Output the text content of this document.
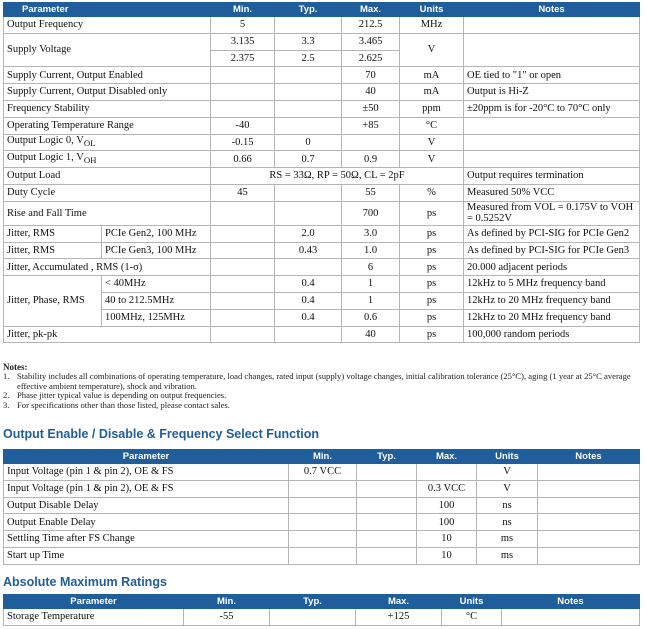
Parameter		Min.	Typ.	Max.	Units	Notes
Output Frequency		5		212.5	MHz	
Supply Voltage		3.135	3.3	3.465	V	
		2.375	2.5	2.625		
Supply Current, Output Enabled				70	mA	OE tied to "1" or open
Supply Current, Output Disabled only				40	mA	Output is Hi-Z
Frequency Stability				±50	ppm	±20ppm is for -20°C to 70°C only
Operating Temperature Range		-40		+85	°C	
Output Logic 0, $V_{OL}$		-0.15	0		V	
Output Logic 1, $V_{OH}$		0.66	0.7	0.9	V	
Output Load		RS = 33Ω, RP = 50Ω, CL = 2pF				Output requires termination
Duty Cycle		45		55	%	Measured 50% VCC
Rise and Fall Time				700	ps	Measured from VOL = 0.175V to VOH = 0.5252V
Jitter, RMS	PCIe Gen2, 100 MHz		2.0	3.0	ps	As defined by PCI-SIG for PCIe Gen2
Jitter, RMS	PCIe Gen3, 100 MHz		0.43	1.0	ps	As defined by PCI-SIG for PCIe Gen3
Jitter, Accumulated , RMS (1-σ)				6	ps	20.000 adjacent periods
Jitter, Phase, RMS	< 40MHz		0.4	1	ps	12kHz to 5 MHz frequency band
	40 to 212.5MHz		0.4	1	ps	12kHz to 20 MHz frequency band
	100MHz, 125MHz		0.4	0.6	ps	12kHz to 20 MHz frequency band
Jitter, pk-pk				40	ps	100,000 random periods
Notes:
1. Stability includes all combinations of operating temperature, load changes, rated input (supply) voltage changes, initial calibration tolerance (25°C), aging (1 year at 25°C average effective ambient temperature), shock and vibration.
2. Phase jitter typical value is depending on output frequencies.
3. For specifications other than those listed, please contact sales.
Output Enable / Disable & Frequency Select Function
Parameter	Min.	Typ.	Max.	Units	Notes
Input Voltage (pin 1 & pin 2), OE & FS	0.7 VCC			V	
Input Voltage (pin 1 & pin 2), OE & FS			0.3 VCC	V	
Output Disable Delay			100	ns	
Output Enable Delay			100	ns	
Settling Time after FS Change			10	ms	
Start up Time			10	ms	
Absolute Maximum Ratings
Parameter	Min.	Typ.	Max.	Units	Notes
Storage Temperature	-55		+125	°C	
